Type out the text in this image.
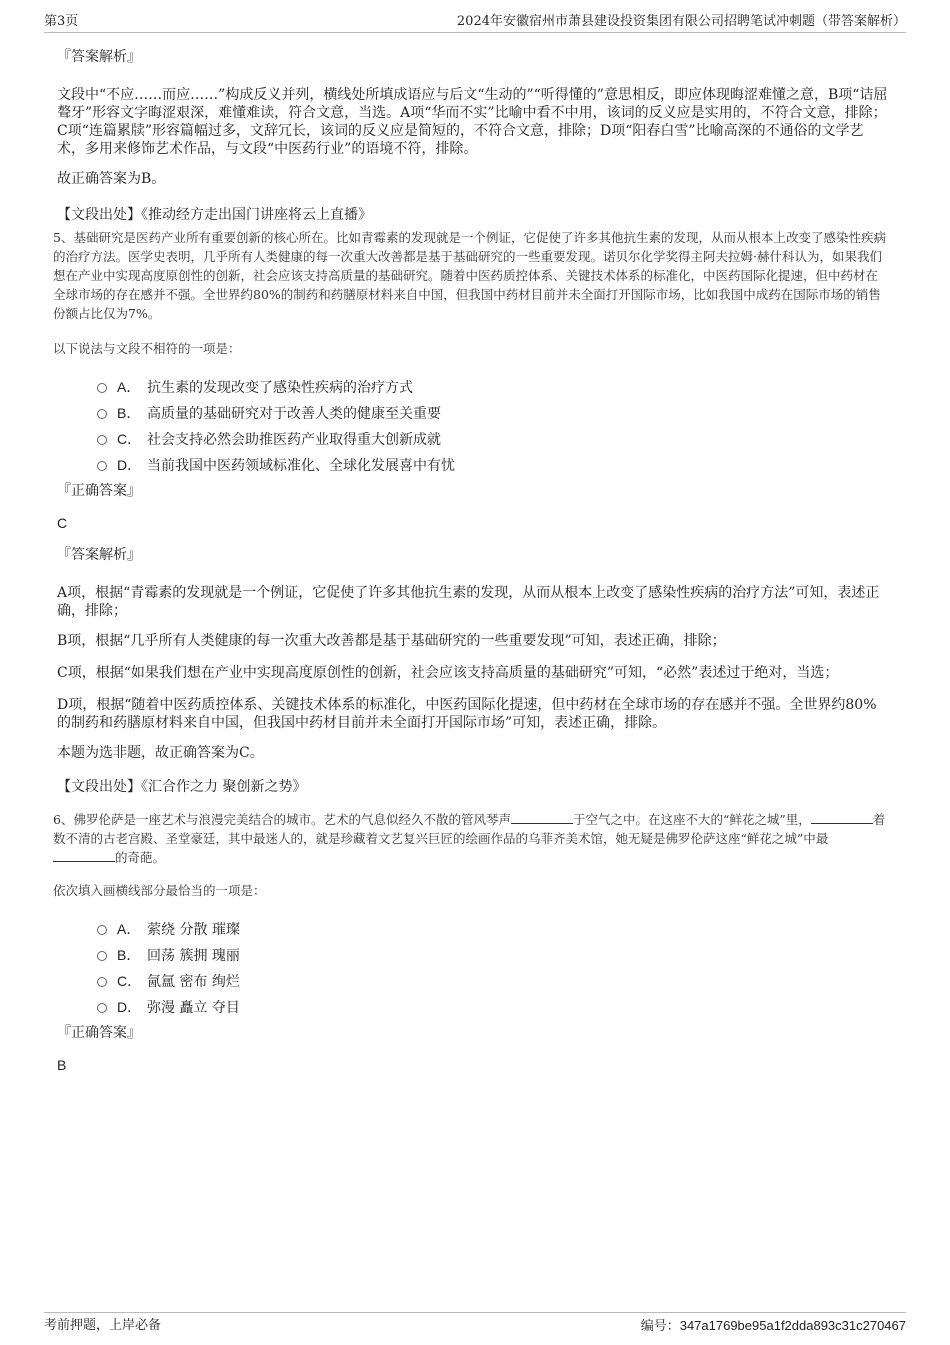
第3页	2024年安徽宿州市萧县建设投资集团有限公司招聘笔试冲刺题（带答案解析）

『答案解析』

文段中“不应……而应……”构成反义并列，横线处所填成语应与后文“生动的”“听得懂的”意思相反，即应体现晦涩难懂之意，B项“诘屈聱牙”形容文字晦涩艰深，难懂难读，符合文意，当选。A项“华而不实”比喻中看不中用，该词的反义应是实用的，不符合文意，排除；C项“连篇累牍”形容篇幅过多，文辞冗长，该词的反义应是简短的，不符合文意，排除；D项“阳春白雪”比喻高深的不通俗的文学艺术，多用来修饰艺术作品，与文段“中医药行业”的语境不符，排除。

故正确答案为B。

【文段出处】《推动经方走出国门讲座将云上直播》

5、基础研究是医药产业所有重要创新的核心所在。比如青霉素的发现就是一个例证，它促使了许多其他抗生素的发现，从而从根本上改变了感染性疾病的治疗方法。医学史表明，几乎所有人类健康的每一次重大改善都是基于基础研究的一些重要发现。诺贝尔化学奖得主阿夫拉姆·赫什科认为，如果我们想在产业中实现高度原创性的创新，社会应该支持高质量的基础研究。随着中医药质控体系、关键技术体系的标准化，中医药国际化提速，但中药材在全球市场的存在感并不强。全世界约80%的制药和药膳原材料来自中国，但我国中药材目前并未全面打开国际市场，比如我国中成药在国际市场的销售份额占比仅为7%。

以下说法与文段不相符的一项是：

A． 抗生素的发现改变了感染性疾病的治疗方式
B． 高质量的基础研究对于改善人类的健康至关重要
C． 社会支持必然会助推医药产业取得重大创新成就
D． 当前我国中医药领域标准化、全球化发展喜中有忧

『正确答案』

C

『答案解析』

A项，根据“青霉素的发现就是一个例证，它促使了许多其他抗生素的发现，从而从根本上改变了感染性疾病的治疗方法”可知，表述正确，排除；

B项，根据“几乎所有人类健康的每一次重大改善都是基于基础研究的一些重要发现”可知，表述正确，排除；

C项，根据“如果我们想在产业中实现高度原创性的创新，社会应该支持高质量的基础研究”可知，“必然”表述过于绝对，当选；

D项，根据“随着中医药质控体系、关键技术体系的标准化，中医药国际化提速，但中药材在全球市场的存在感并不强。全世界约80%的制药和药膳原材料来自中国，但我国中药材目前并未全面打开国际市场”可知，表述正确，排除。

本题为选非题，故正确答案为C。

【文段出处】《汇合作之力 聚创新之势》

6、佛罗伦萨是一座艺术与浪漫完美结合的城市。艺术的气息似经久不散的管风琴声	于空气之中。在这座不大的“鲜花之城”里，	着数不清的古老宫殿、圣堂豪廷，其中最迷人的，就是珍藏着文艺复兴巨匠的绘画作品的乌菲齐美术馆，她无疑是佛罗伦萨这座“鲜花之城”中最的奇葩。

依次填入画横线部分最恰当的一项是：

A． 萦绕 分散 璀璨
B． 回荡 簇拥 瑰丽
C． 氤氲 密布 绚烂
D． 弥漫 矗立 夺目

『正确答案』

B

考前押题，上岸必备	编号：347a1769be95a1f2dda893c31c270467
